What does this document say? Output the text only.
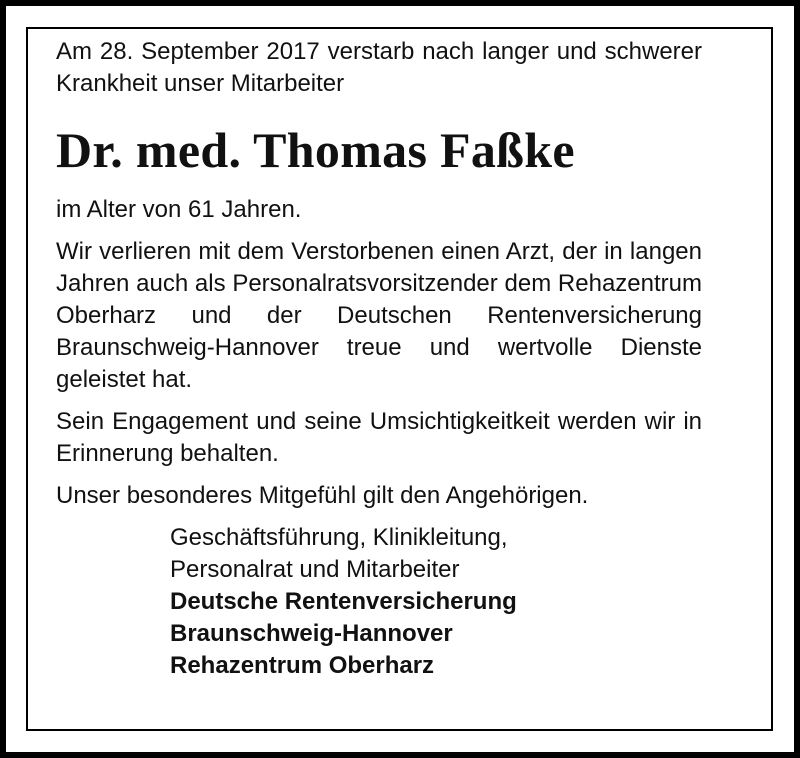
Am 28. September 2017 verstarb nach langer und schwerer Krankheit unser Mitarbeiter

Dr. med. Thomas Faßke

im Alter von 61 Jahren.

Wir verlieren mit dem Verstorbenen einen Arzt, der in langen Jahren auch als Personalratsvorsitzender dem Rehazentrum Oberharz und der Deutschen Rentenversicherung Braunschweig-Hannover treue und wertvolle Dienste geleistet hat.

Sein Engagement und seine Umsichtigkeitkeit werden wir in Erinnerung behalten.

Unser besonderes Mitgefühl gilt den Angehörigen.

Geschäftsführung, Klinikleitung,
Personalrat und Mitarbeiter
Deutsche Rentenversicherung
Braunschweig-Hannover
Rehazentrum Oberharz
